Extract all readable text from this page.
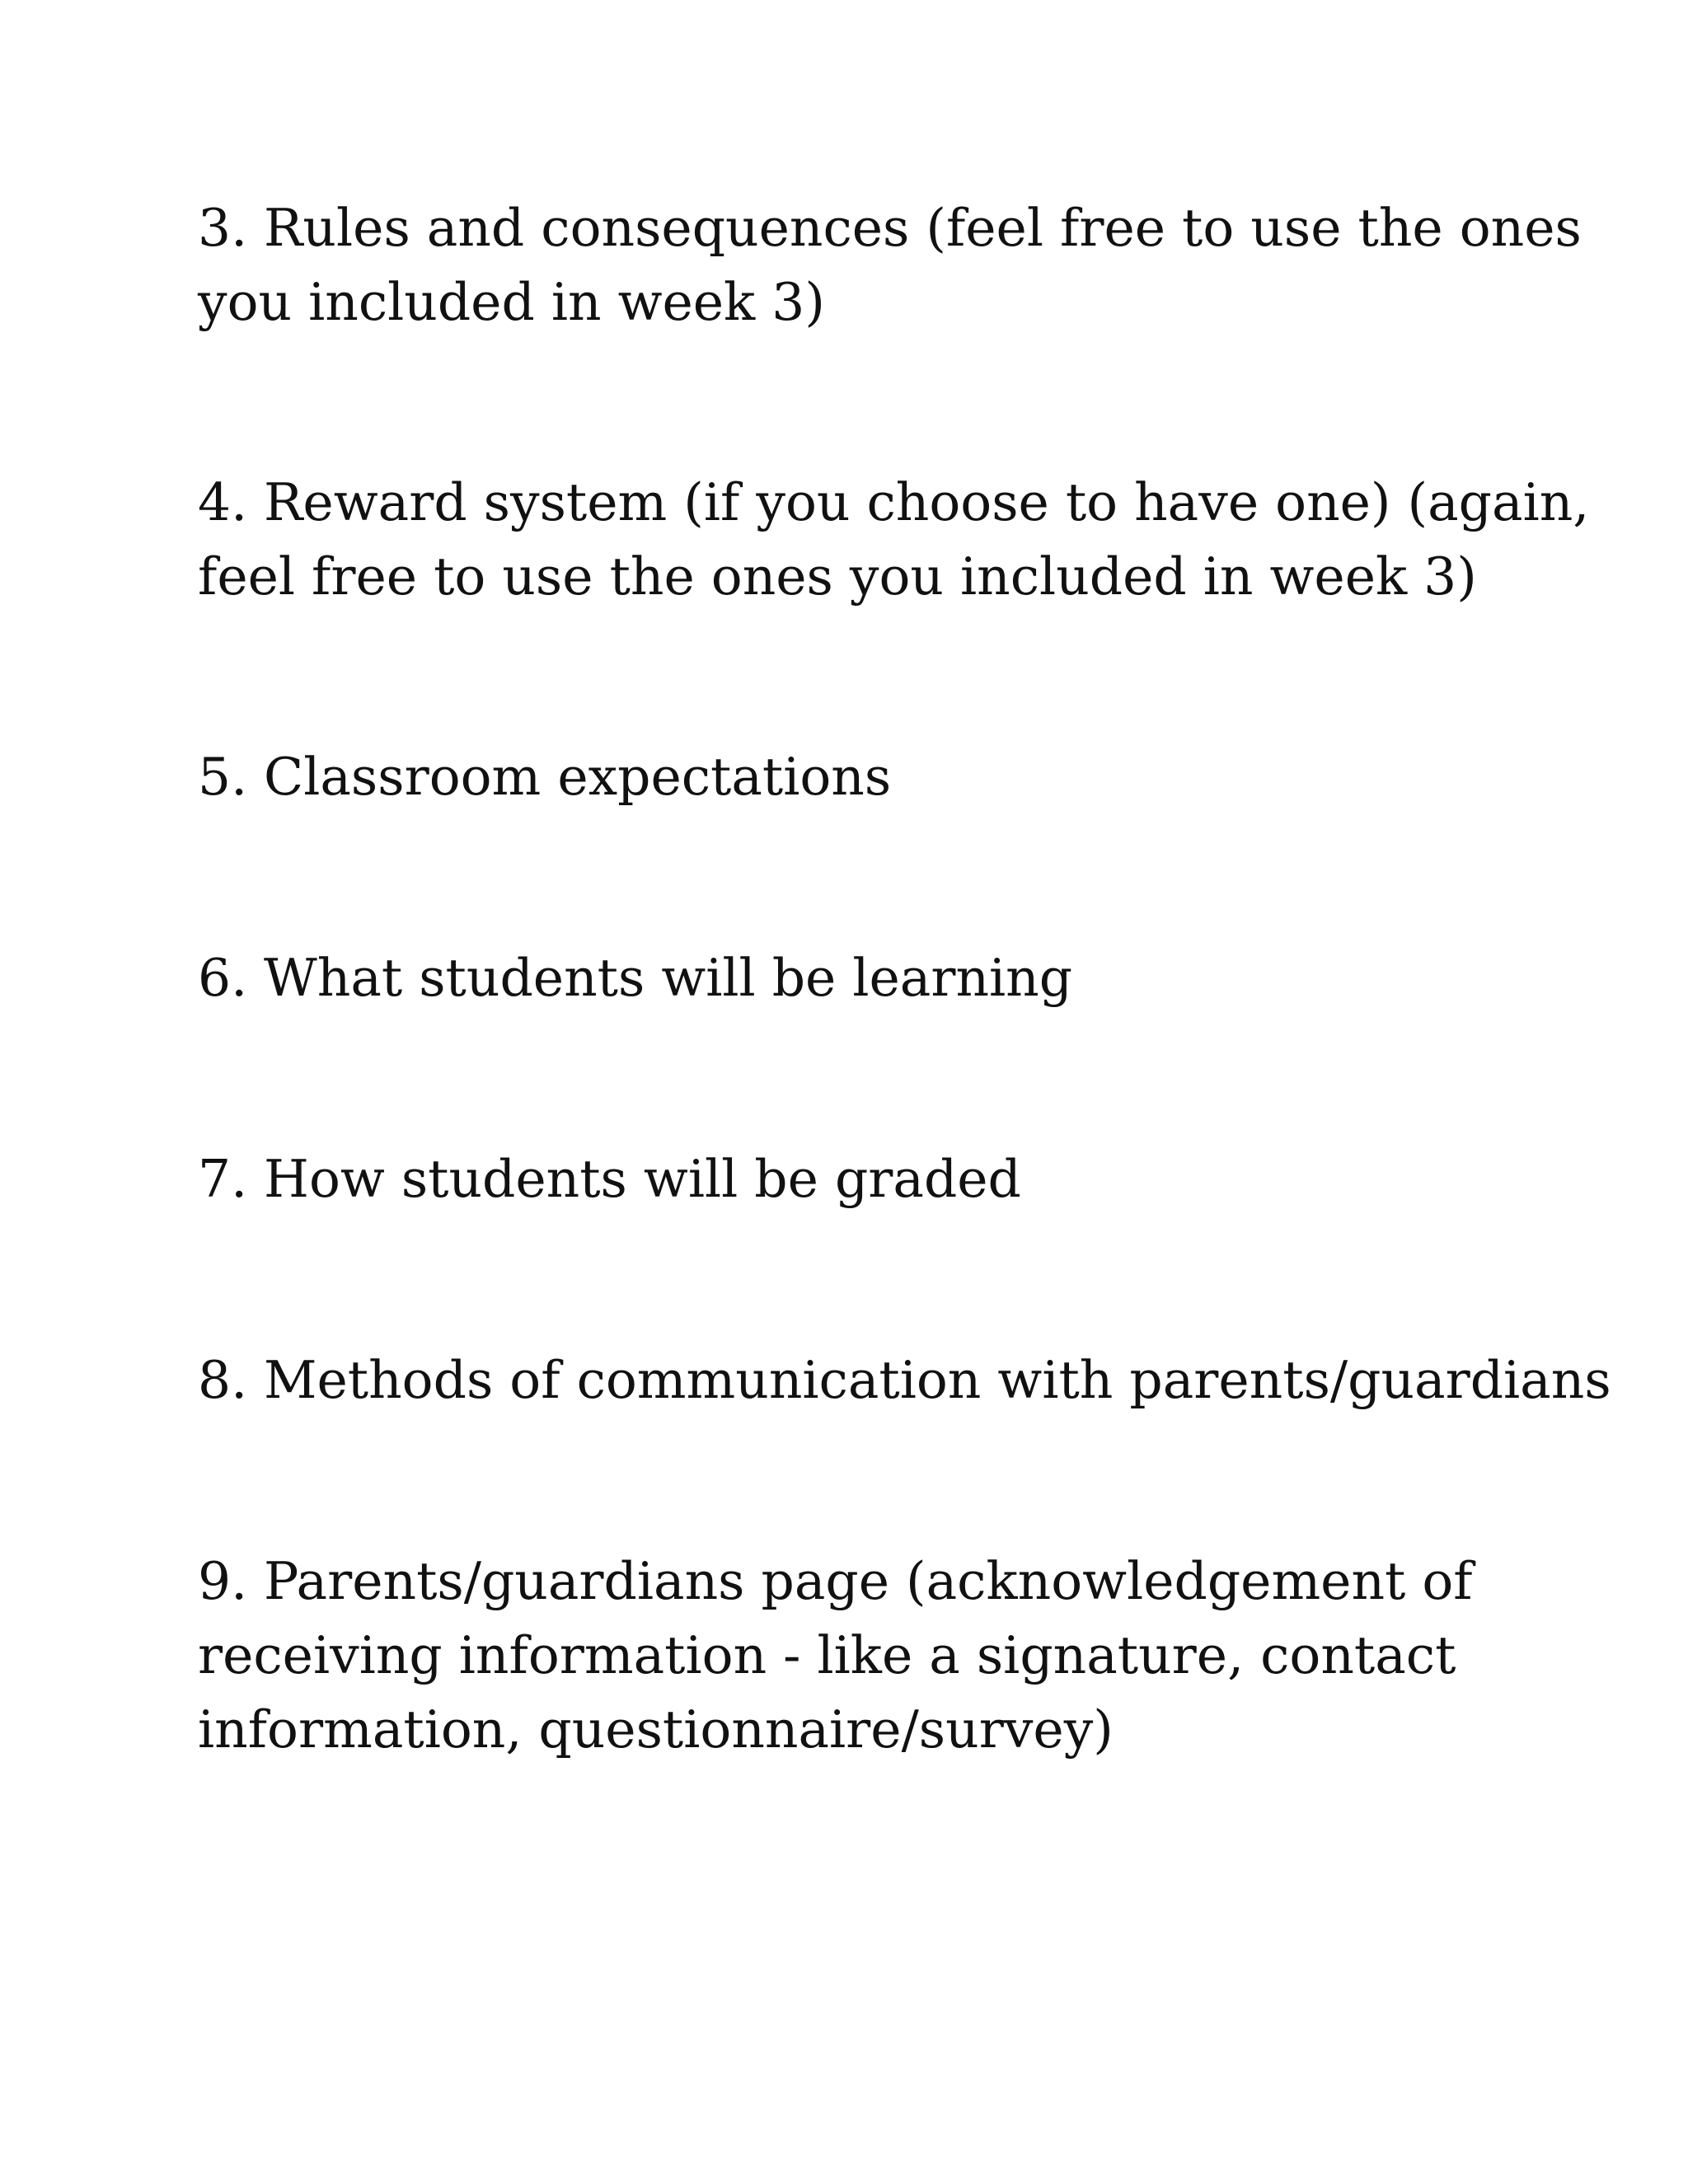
3. Rules and consequences (feel free to use the ones
you included in week 3)

4. Reward system (if you choose to have one) (again,
feel free to use the ones you included in week 3)

5. Classroom expectations

6. What students will be learning

7. How students will be graded

8. Methods of communication with parents/guardians

9. Parents/guardians page (acknowledgement of
receiving information - like a signature, contact
information, questionnaire/survey)
